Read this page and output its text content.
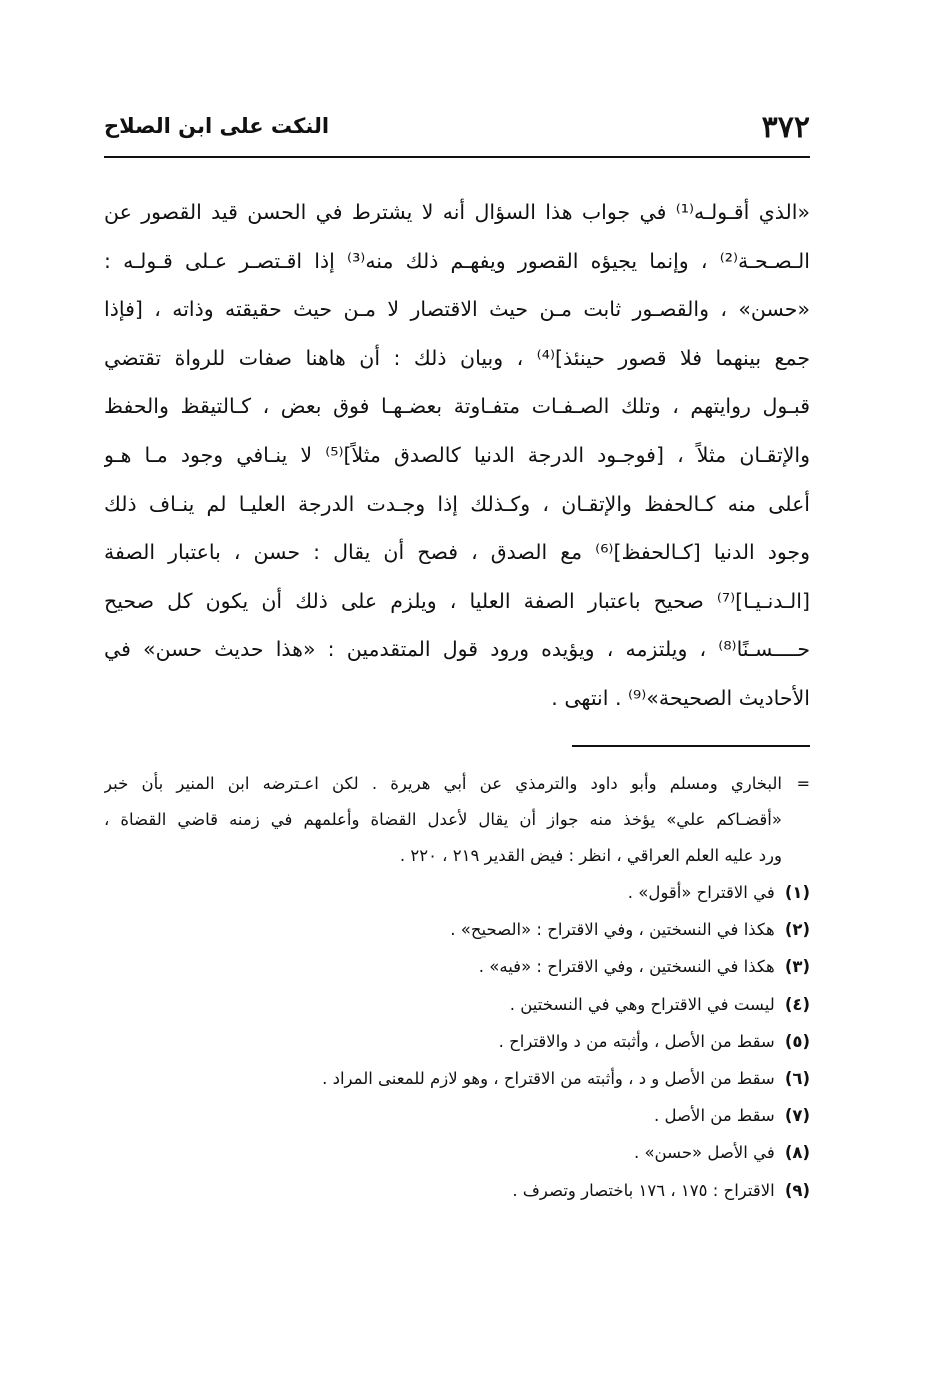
٣٧٢
النكت على ابن الصلاح
«الذي أقـولـه⁽¹⁾ في جواب هذا السؤال أنه لا يشترط في الحسن قيد القصور عن
الـصـحـة⁽²⁾ ، وإنما يجيؤه القصور ويفهـم ذلك منه⁽³⁾ إذا اقـتصـر عـلى قـولـه :
«حسن» ، والقصـور ثابت مـن حيث الاقتصار لا مـن حيث حقيقته وذاته ، [فإذا
جمع بينهما فلا قصور حينئذ]⁽⁴⁾ ، وبيان ذلك : أن هاهنا صفات للرواة تقتضي
قبـول روايتهم ، وتلك الصـفـات متفـاوتة بعضـهـا فوق بعض ، كـالتيقظ والحفظ
والإتقـان مثلاً ، [فوجـود الدرجة الدنيا كالصدق مثلاً]⁽⁵⁾ لا ينـافي وجود مـا هـو
أعلى منه كـالحفظ والإتقـان ، وكـذلك إذا وجـدت الدرجة العليـا لم ينـاف ذلك
وجود الدنيا [كـالحفظ]⁽⁶⁾ مع الصدق ، فصح أن يقال : حسن ، باعتبار الصفة
[الـدنـيـا]⁽⁷⁾ صحيح باعتبار الصفة العليا ، ويلزم على ذلك أن يكون كل صحيح
حــــسـنًا⁽⁸⁾ ، ويلتزمه ، ويؤيده ورود قول المتقدمين : «هذا حديث حسن» في
الأحاديث الصحيحة»⁽⁹⁾ . انتهى .
=
البخاري ومسلم وأبو داود والترمذي عن أبي هريرة . لكن اعـترضه ابن المنير بأن خبر
«أقضـاكم علي» يؤخذ منه جواز أن يقال لأعدل القضاة وأعلمهم في زمنه قاضي القضاة ،
ورد عليه العلم العراقي ، انظر : فيض القدير ٢١٩ ، ٢٢٠ .
(١) في الاقتراح «أقول» .
(٢) هكذا في النسختين ، وفي الاقتراح : «الصحيح» .
(٣) هكذا في النسختين ، وفي الاقتراح : «فيه» .
(٤) ليست في الاقتراح وهي في النسختين .
(٥) سقط من الأصل ، وأثبته من د والاقتراح .
(٦) سقط من الأصل و د ، وأثبته من الاقتراح ، وهو لازم للمعنى المراد .
(٧) سقط من الأصل .
(٨) في الأصل «حسن» .
(٩) الاقتراح : ١٧٥ ، ١٧٦ باختصار وتصرف .
